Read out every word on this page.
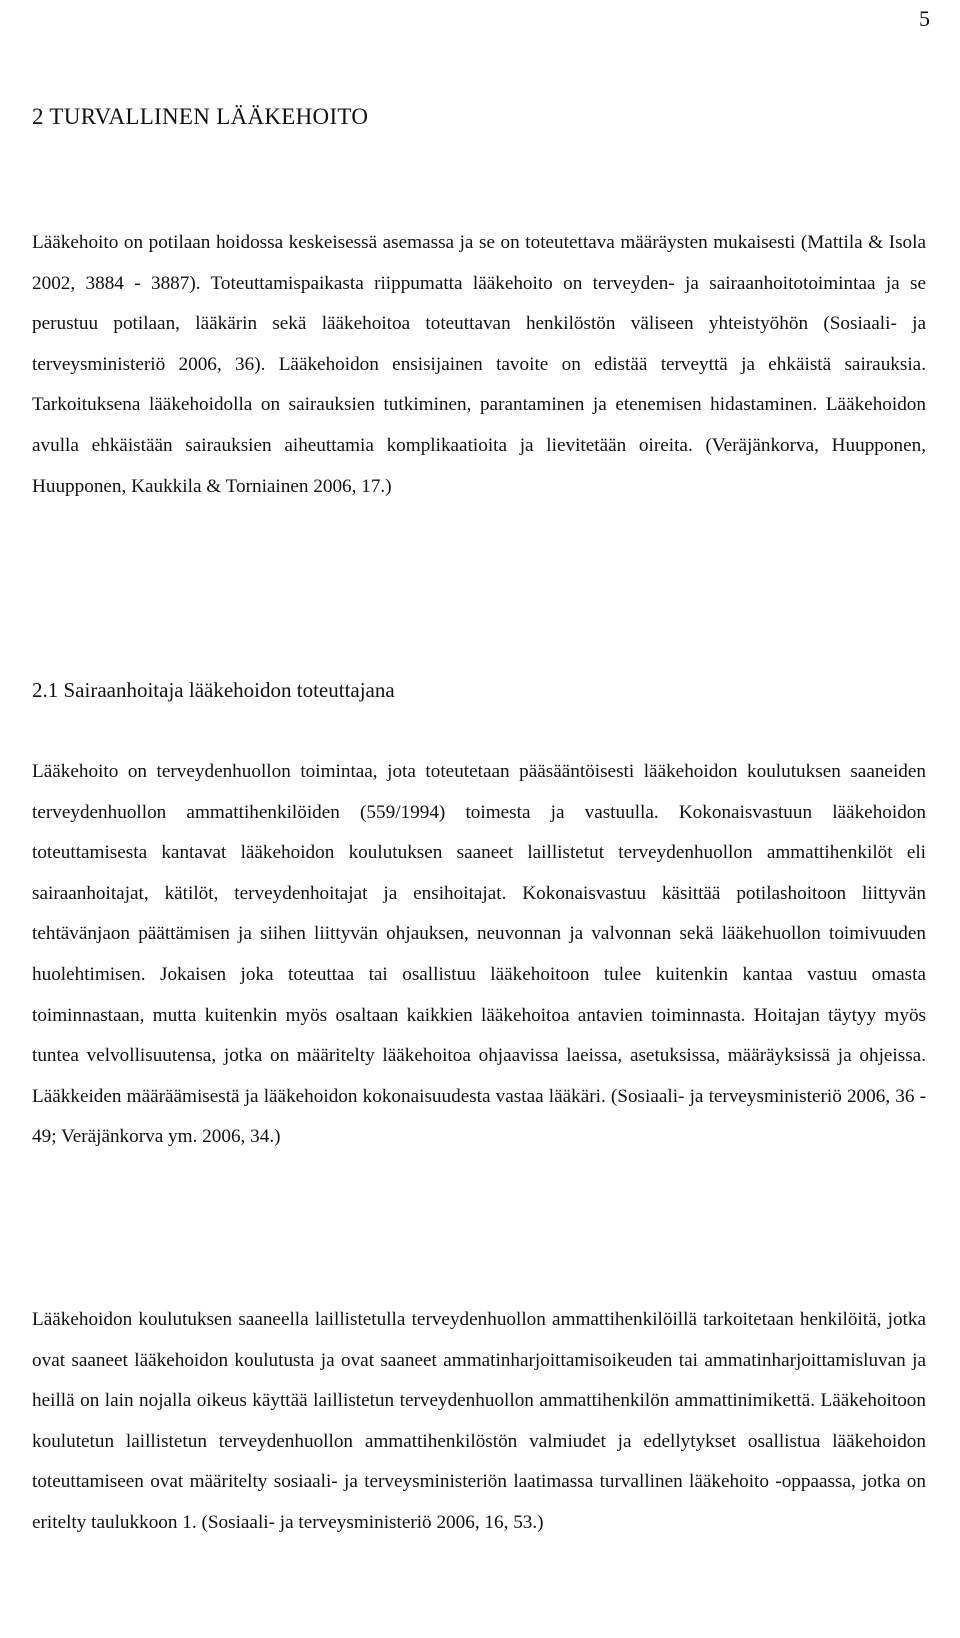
5
2 TURVALLINEN LÄÄKEHOITO

Lääkehoito on potilaan hoidossa keskeisessä asemassa ja se on toteutettava määräysten mukaisesti (Mattila & Isola 2002, 3884 - 3887). Toteuttamispaikasta riippumatta lääkehoito on terveyden- ja sairaanhoitotoimintaa ja se perustuu potilaan, lääkärin sekä lääkehoitoa toteuttavan henkilöstön väliseen yhteistyöhön (Sosiaali- ja terveysministeriö 2006, 36). Lääkehoidon ensisijainen tavoite on edistää terveyttä ja ehkäistä sairauksia. Tarkoituksena lääkehoidolla on sairauksien tutkiminen, parantaminen ja etenemisen hidastaminen. Lääkehoidon avulla ehkäistään sairauksien aiheuttamia komplikaatioita ja lievitetään oireita. (Veräjänkorva, Huupponen, Huupponen, Kaukkila & Torniainen 2006, 17.)

2.1 Sairaanhoitaja lääkehoidon toteuttajana

Lääkehoito on terveydenhuollon toimintaa, jota toteutetaan pääsääntöisesti lääkehoidon koulutuksen saaneiden terveydenhuollon ammattihenkilöiden (559/1994) toimesta ja vastuulla. Kokonaisvastuun lääkehoidon toteuttamisesta kantavat lääkehoidon koulutuksen saaneet laillistetut terveydenhuollon ammattihenkilöt eli sairaanhoitajat, kätilöt, terveydenhoitajat ja ensihoitajat. Kokonaisvastuu käsittää potilashoitoon liittyvän tehtävänjaon päättämisen ja siihen liittyvän ohjauksen, neuvonnan ja valvonnan sekä lääkehuollon toimivuuden huolehtimisen. Jokaisen joka toteuttaa tai osallistuu lääkehoitoon tulee kuitenkin kantaa vastuu omasta toiminnastaan, mutta kuitenkin myös osaltaan kaikkien lääkehoitoa antavien toiminnasta. Hoitajan täytyy myös tuntea velvollisuutensa, jotka on määritelty lääkehoitoa ohjaavissa laeissa, asetuksissa, määräyksissä ja ohjeissa. Lääkkeiden määräämisestä ja lääkehoidon kokonaisuudesta vastaa lääkäri. (Sosiaali- ja terveysministeriö 2006, 36 - 49; Veräjänkorva ym. 2006, 34.)

Lääkehoidon koulutuksen saaneella laillistetulla terveydenhuollon ammattihenkilöillä tarkoitetaan henkilöitä, jotka ovat saaneet lääkehoidon koulutusta ja ovat saaneet ammatinharjoittamisoikeuden tai ammatinharjoittamisluvan ja heillä on lain nojalla oikeus käyttää laillistetun terveydenhuollon ammattihenkilön ammattinimikettä. Lääkehoitoon koulutetun laillistetun terveydenhuollon ammattihenkilöstön valmiudet ja edellytykset osallistua lääkehoidon toteuttamiseen ovat määritelty sosiaali- ja terveysministeriön laatimassa turvallinen lääkehoito -oppaassa, jotka on eritelty taulukkoon 1. (Sosiaali- ja terveysministeriö 2006, 16, 53.)
